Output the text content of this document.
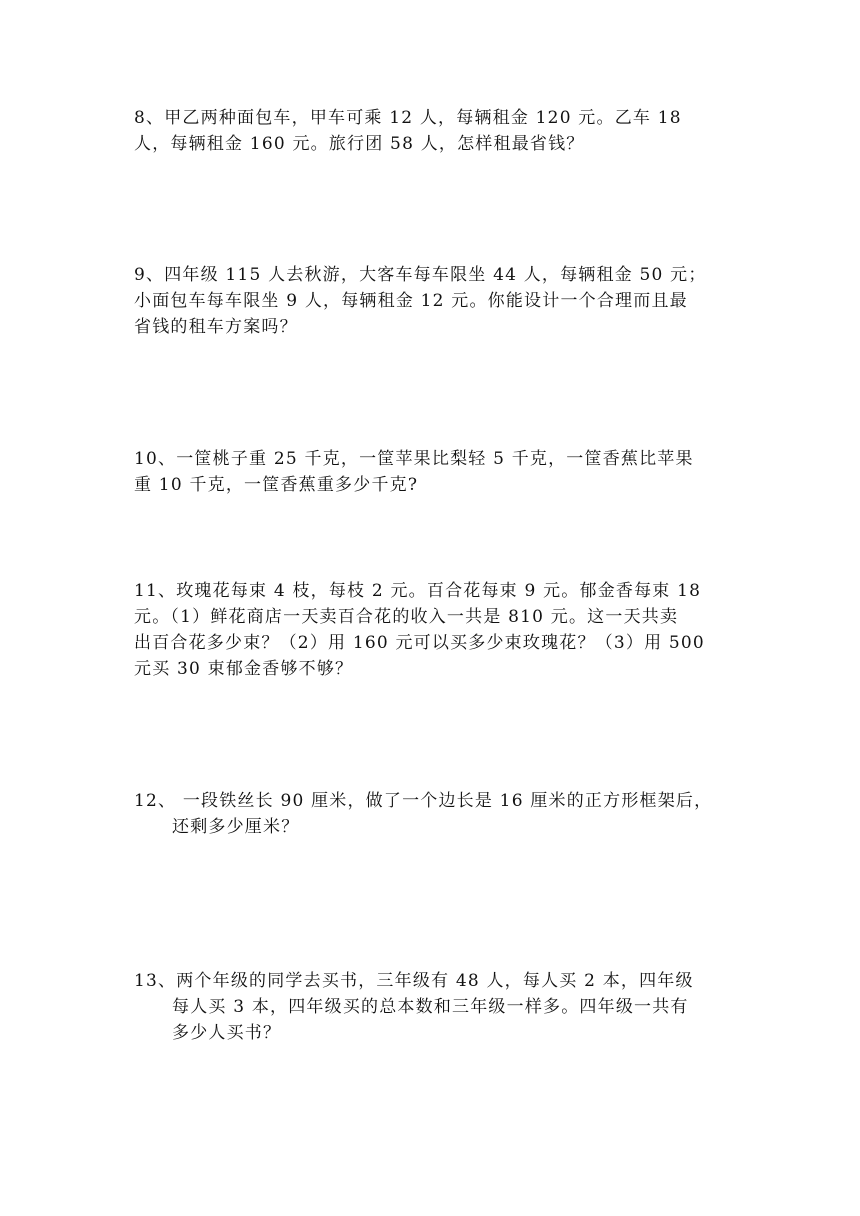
8、甲乙两种面包车，甲车可乘 12 人，每辆租金 120 元。乙车 18
人，每辆租金 160 元。旅行团 58 人，怎样租最省钱？
9、四年级 115 人去秋游，大客车每车限坐 44 人，每辆租金 50 元；
小面包车每车限坐 9 人，每辆租金 12 元。你能设计一个合理而且最
省钱的租车方案吗？
10、一筐桃子重 25 千克，一筐苹果比梨轻 5 千克，一筐香蕉比苹果
重 10 千克，一筐香蕉重多少千克?
11、玫瑰花每束 4 枝，每枝 2 元。百合花每束 9 元。郁金香每束 18
元。（1）鲜花商店一天卖百合花的收入一共是 810 元。这一天共卖
出百合花多少束？（2）用 160 元可以买多少束玫瑰花？（3）用 500
元买 30 束郁金香够不够？
12、 一段铁丝长 90 厘米，做了一个边长是 16 厘米的正方形框架后，
还剩多少厘米？
13、两个年级的同学去买书，三年级有 48 人，每人买 2 本，四年级
每人买 3 本，四年级买的总本数和三年级一样多。四年级一共有
多少人买书？
